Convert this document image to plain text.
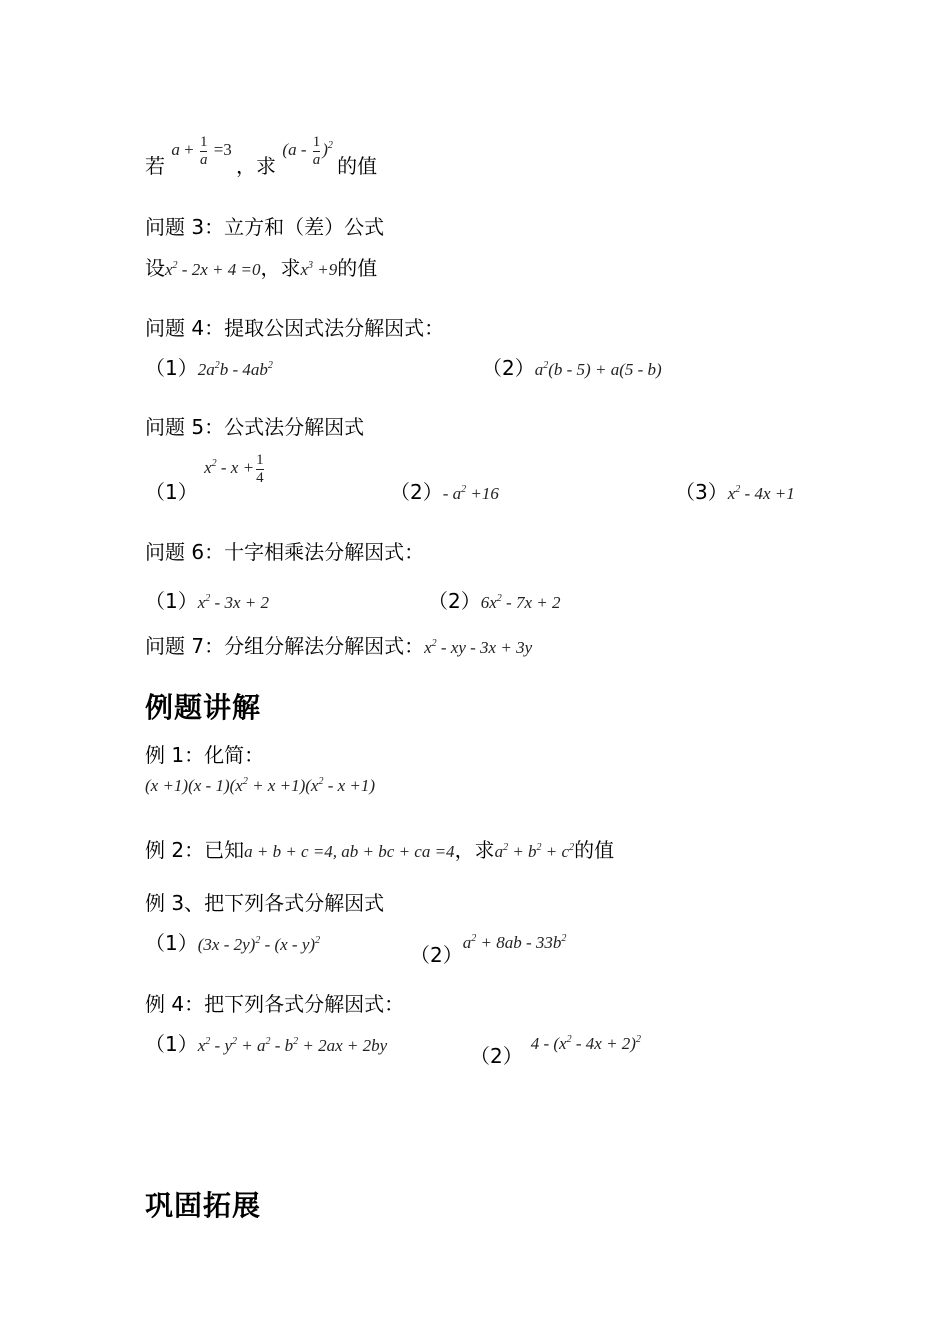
若 $a + \frac{1}{a} =3$ ，求 $(a - \frac{1}{a} )^2$ 的值
问题 3：立方和（差）公式
设$x^2 - 2x + 4 =0$，求$x^3 +9$的值
问题 4：提取公因式法分解因式：
$(1)2a^2b - 4ab^2$	$(2)a^2(b - 5) + a(5 - b)$
问题 5：公式法分解因式
（1） $x^2 - x + \frac{1}{4}$
（2）- $a^2 +16$	$(3)x^2 - 4x +1$
问题 6：十字相乘法分解因式：
$(1)x^2 - 3x + 2$	$(2)6x^2 - 7x + 2$
问题 7：分组分解法分解因式：$x^2$ - xy - 3x + 3y
例题讲解
例 1：化简：
$(x +1)(x - 1)(x^2 + x +1)(x^2 - x +1)$
例 2：已知a + b + c =4, ab + bc + ca =4，求$a^2 + b^2 + c^2$的值
例 3、把下列各式分解因式
（1）(3x - 2y)$^2$ - (x - y)$^2$
$(2)a^2 + 8ab - 33b^2$
例 4：把下列各式分解因式：
$(1)x^2 - y^2 + a^2 - b^2 + 2ax + 2by$	$(2)4 - (x^2 - 4x + 2)^2$
巩固拓展
